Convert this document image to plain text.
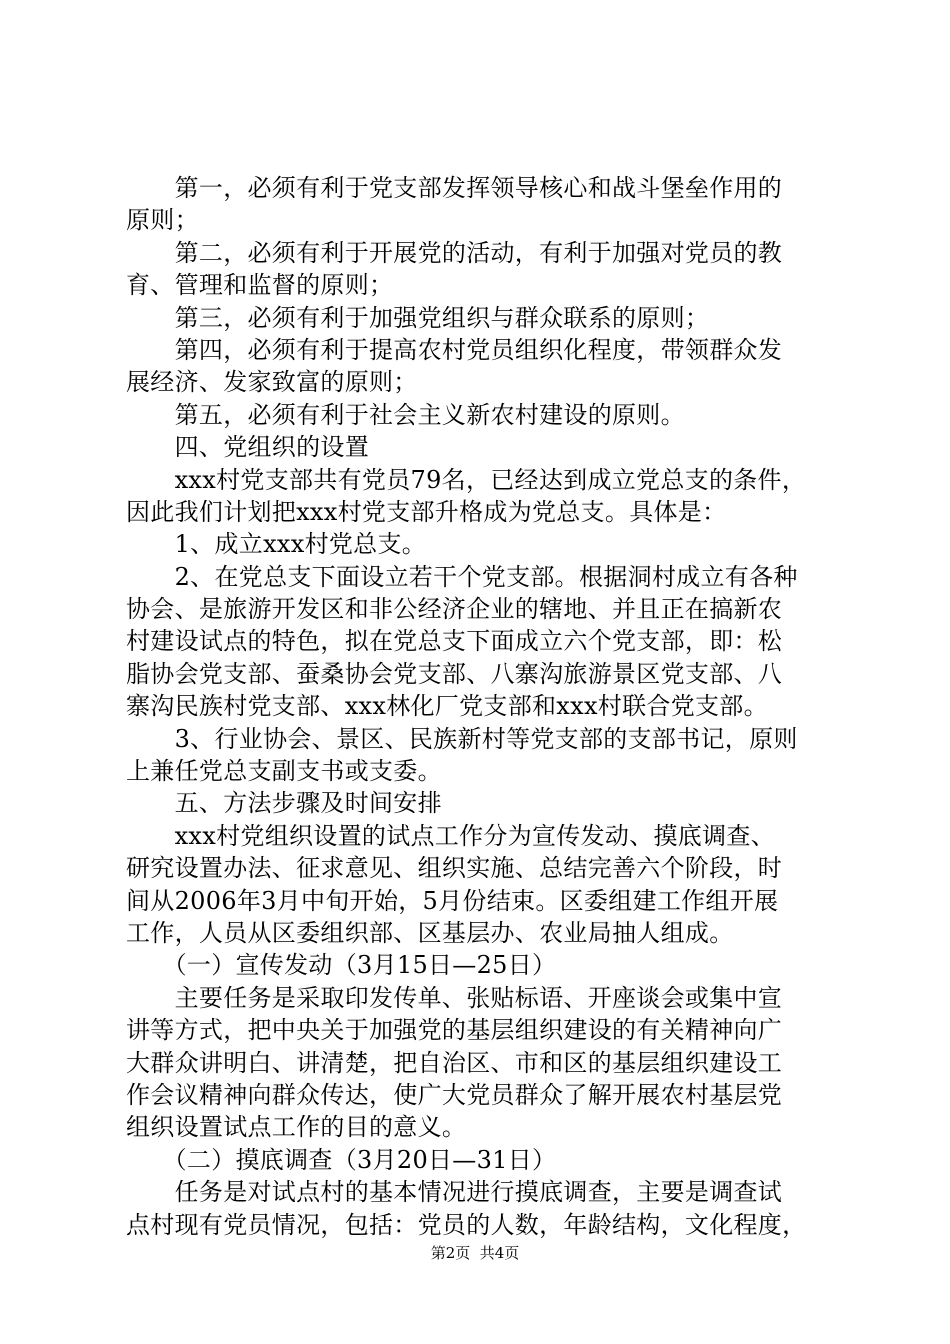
　　第一，必须有利于党支部发挥领导核心和战斗堡垒作用的
原则；
　　第二，必须有利于开展党的活动，有利于加强对党员的教
育、管理和监督的原则；
　　第三，必须有利于加强党组织与群众联系的原则；
　　第四，必须有利于提高农村党员组织化程度，带领群众发
展经济、发家致富的原则；
　　第五，必须有利于社会主义新农村建设的原则。
　　四、党组织的设置
　　xxx村党支部共有党员79名，已经达到成立党总支的条件，
因此我们计划把xxx村党支部升格成为党总支。具体是：
　　1、成立xxx村党总支。
　　2、在党总支下面设立若干个党支部。根据洞村成立有各种
协会、是旅游开发区和非公经济企业的辖地、并且正在搞新农
村建设试点的特色，拟在党总支下面成立六个党支部，即：松
脂协会党支部、蚕桑协会党支部、八寨沟旅游景区党支部、八
寨沟民族村党支部、xxx林化厂党支部和xxx村联合党支部。
　　3、行业协会、景区、民族新村等党支部的支部书记，原则
上兼任党总支副支书或支委。
　　五、方法步骤及时间安排
　　xxx村党组织设置的试点工作分为宣传发动、摸底调查、
研究设置办法、征求意见、组织实施、总结完善六个阶段，时
间从2006年3月中旬开始，5月份结束。区委组建工作组开展
工作，人员从区委组织部、区基层办、农业局抽人组成。
　　（一）宣传发动（3月15日—25日）
　　主要任务是采取印发传单、张贴标语、开座谈会或集中宣
讲等方式，把中央关于加强党的基层组织建设的有关精神向广
大群众讲明白、讲清楚，把自治区、市和区的基层组织建设工
作会议精神向群众传达，使广大党员群众了解开展农村基层党
组织设置试点工作的目的意义。
　　（二）摸底调查（3月20日—31日）
　　任务是对试点村的基本情况进行摸底调查，主要是调查试
点村现有党员情况，包括：党员的人数，年龄结构，文化程度，
第2页  共4页
